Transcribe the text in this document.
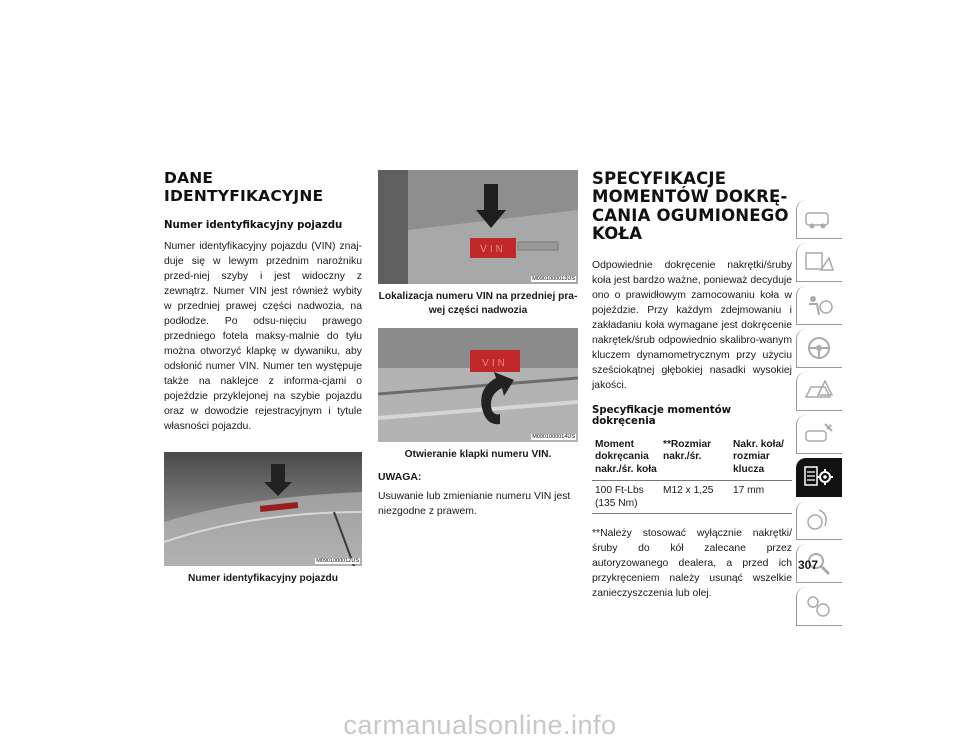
DANE IDENTYFIKACYJNE
Numer identyfikacyjny pojazdu

Numer identyfikacyjny pojazdu (VIN) znaj-duje się w lewym przednim narożniku przed-niej szyby i jest widoczny z zewnątrz. Numer VIN jest również wybity w przedniej prawej części nadwozia, na podłodze. Po odsu-nięciu prawego przedniego fotela maksy-malnie do tyłu można otworzyć klapkę w dywaniku, aby odsłonić numer VIN. Numer ten występuje także na naklejce z informa-cjami o pojeździe przyklejonej na szybie pojazdu oraz w dowodzie rejestracyjnym i tytule własności pojazdu.

M0901000012US
Numer identyfikacyjny pojazdu
VIN
M0901000013US
Lokalizacja numeru VIN na przedniej pra-wej części nadwozia
VIN
M0901000014US
Otwieranie klapki numeru VIN.
UWAGA:

Usuwanie lub zmienianie numeru VIN jest niezgodne z prawem.

SPECYFIKACJE MOMENTÓW DOKRĘ-CANIA OGUMIONEGO KOŁA

Odpowiednie dokręcenie nakrętki/śruby koła jest bardzo ważne, ponieważ decyduje ono o prawidłowym zamocowaniu koła w pojeździe. Przy każdym zdejmowaniu i zakładaniu koła wymagane jest dokręcenie nakrętek/śrub odpowiednio skalibro-wanym kluczem dynamometrycznym przy użyciu sześciokątnej głębokiej nasadki wysokiej jakości.

Specyfikacje momentów dokręcenia
Moment dokręcania nakr./śr. koła	**Rozmiar nakr./śr.	Nakr. koła/ rozmiar klucza
100 Ft-Lbs (135 Nm)	M12 x 1,25	17 mm

**Należy stosować wyłącznie nakrętki/śruby do kół zalecane przez autoryzowanego dealera, a przed ich przykręceniem należy usunąć wszelkie zanieczyszczenia lub olej.

307
carmanualsonline.info
